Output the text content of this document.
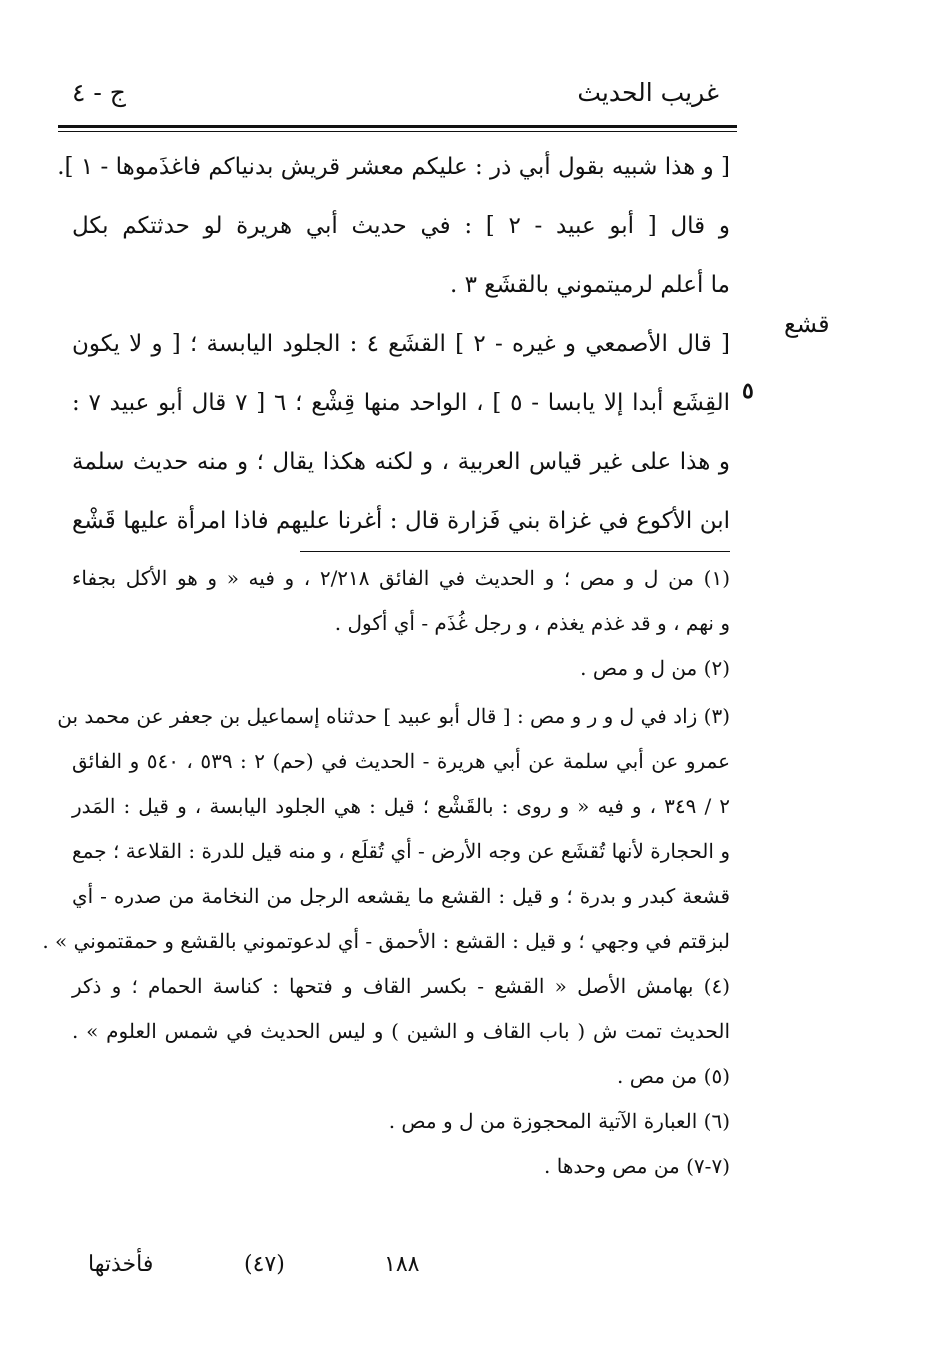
غريب الحديث
ج - ٤
قشع
٥
[ و هذا شبيه بقول أبي ذر : عليكم معشر قريش بدنياكم فاغذَموها - ١ ].
و قال [ أبو عبيد - ٢ ] : في حديث أبي هريرة لو حدثتكم بكل
ما أعلم لرميتموني بالقشَع ٣ .
[ قال الأصمعي و غيره - ٢ ] القشَع ٤ : الجلود اليابسة ؛ [ و لا يكون
القِشَع أبدا إلا يابسا - ٥ ] ، الواحد منها قِشْع ؛ ٦ [ ٧ قال أبو عبيد ٧ :
و هذا على غير قياس العربية ، و لكنه هكذا يقال ؛ و منه حديث سلمة
ابن الأكوع في غزاة بني فَزارة قال : أغرنا عليهم فاذا امرأة عليها قَشْع
(١) من ل و مص ؛ و الحديث في الفائق ٢/٢١٨ ، و فيه « و هو الأكل بجفاء
و نهم ، و قد غذم يغذم ، و رجل غُذَم - أي أكول .
(٢) من ل و مص .
(٣) زاد في ل و ر و مص : [ قال أبو عبيد ] حدثناه إسماعيل بن جعفر عن محمد بن
عمرو عن أبي سلمة عن أبي هريرة - الحديث في (حم) ٢ : ٥٣٩ ، ٥٤٠ و الفائق
٢ / ٣٤٩ ، و فيه « و روى : بالقَشْع ؛ قيل : هي الجلود اليابسة ، و قيل : المَدر
و الحجارة لأنها تُقشَع عن وجه الأرض - أي تُقلَع ، و منه قيل للدرة : القلاعة ؛ جمع
قشعة كبدر و بدرة ؛ و قيل : القشع ما يقشعه الرجل من النخامة من صدره - أي
لبزقتم في وجهي ؛ و قيل : القشع : الأحمق - أي لدعوتموني بالقشع و حمقتموني » .
(٤) بهامش الأصل « القشع - بكسر القاف و فتحها : كناسة الحمام ؛ و ذكر
الحديث تمت ش ( باب القاف و الشين ) و ليس الحديث في شمس العلوم » .
(٥) من مص .
(٦) العبارة الآتية المحجوزة من ل و مص .
(٧-٧) من مص وحدها .
فأخذتها	(٤٧)	١٨٨
